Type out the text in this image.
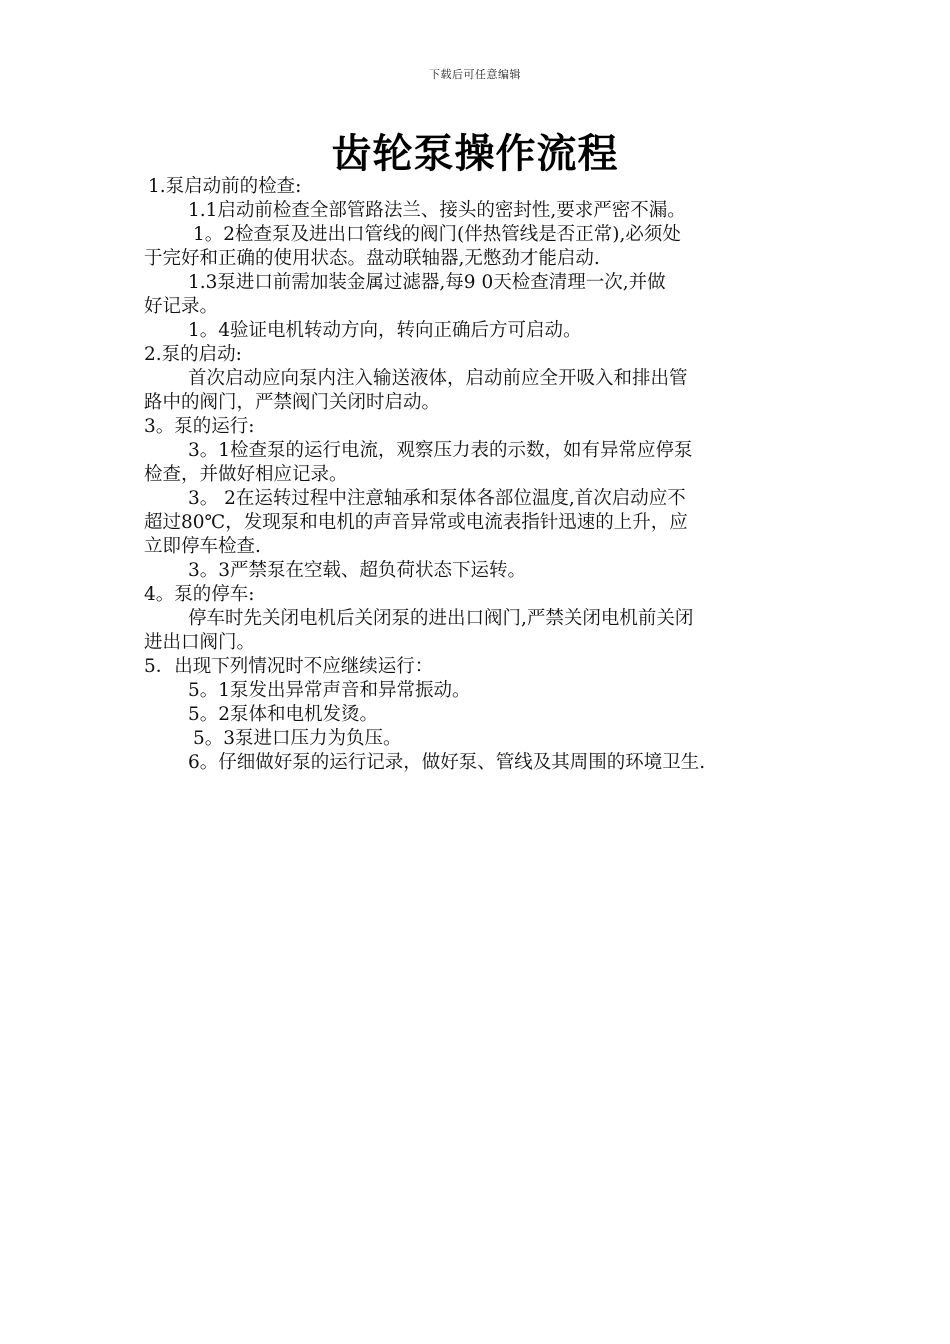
下载后可任意编辑
齿轮泵操作流程
1.泵启动前的检查:
1.1启动前检查全部管路法兰、接头的密封性,要求严密不漏。
1。2检查泵及进出口管线的阀门(伴热管线是否正常),必须处
于完好和正确的使用状态。盘动联轴器,无憋劲才能启动.
1.3泵进口前需加装金属过滤器,每9 0天检查清理一次,并做
好记录。
1。4验证电机转动方向，转向正确后方可启动。
2.泵的启动:
首次启动应向泵内注入输送液体，启动前应全开吸入和排出管
路中的阀门，严禁阀门关闭时启动。
3。泵的运行:
3。1检查泵的运行电流，观察压力表的示数，如有异常应停泵
检查，并做好相应记录。
3。 2在运转过程中注意轴承和泵体各部位温度,首次启动应不
超过80℃，发现泵和电机的声音异常或电流表指针迅速的上升，应
立即停车检查.
3。3严禁泵在空载、超负荷状态下运转。
4。泵的停车:
停车时先关闭电机后关闭泵的进出口阀门,严禁关闭电机前关闭
进出口阀门。
5．出现下列情况时不应继续运行：
5。1泵发出异常声音和异常振动。
5。2泵体和电机发烫。
5。3泵进口压力为负压。
6。仔细做好泵的运行记录，做好泵、管线及其周围的环境卫生.
